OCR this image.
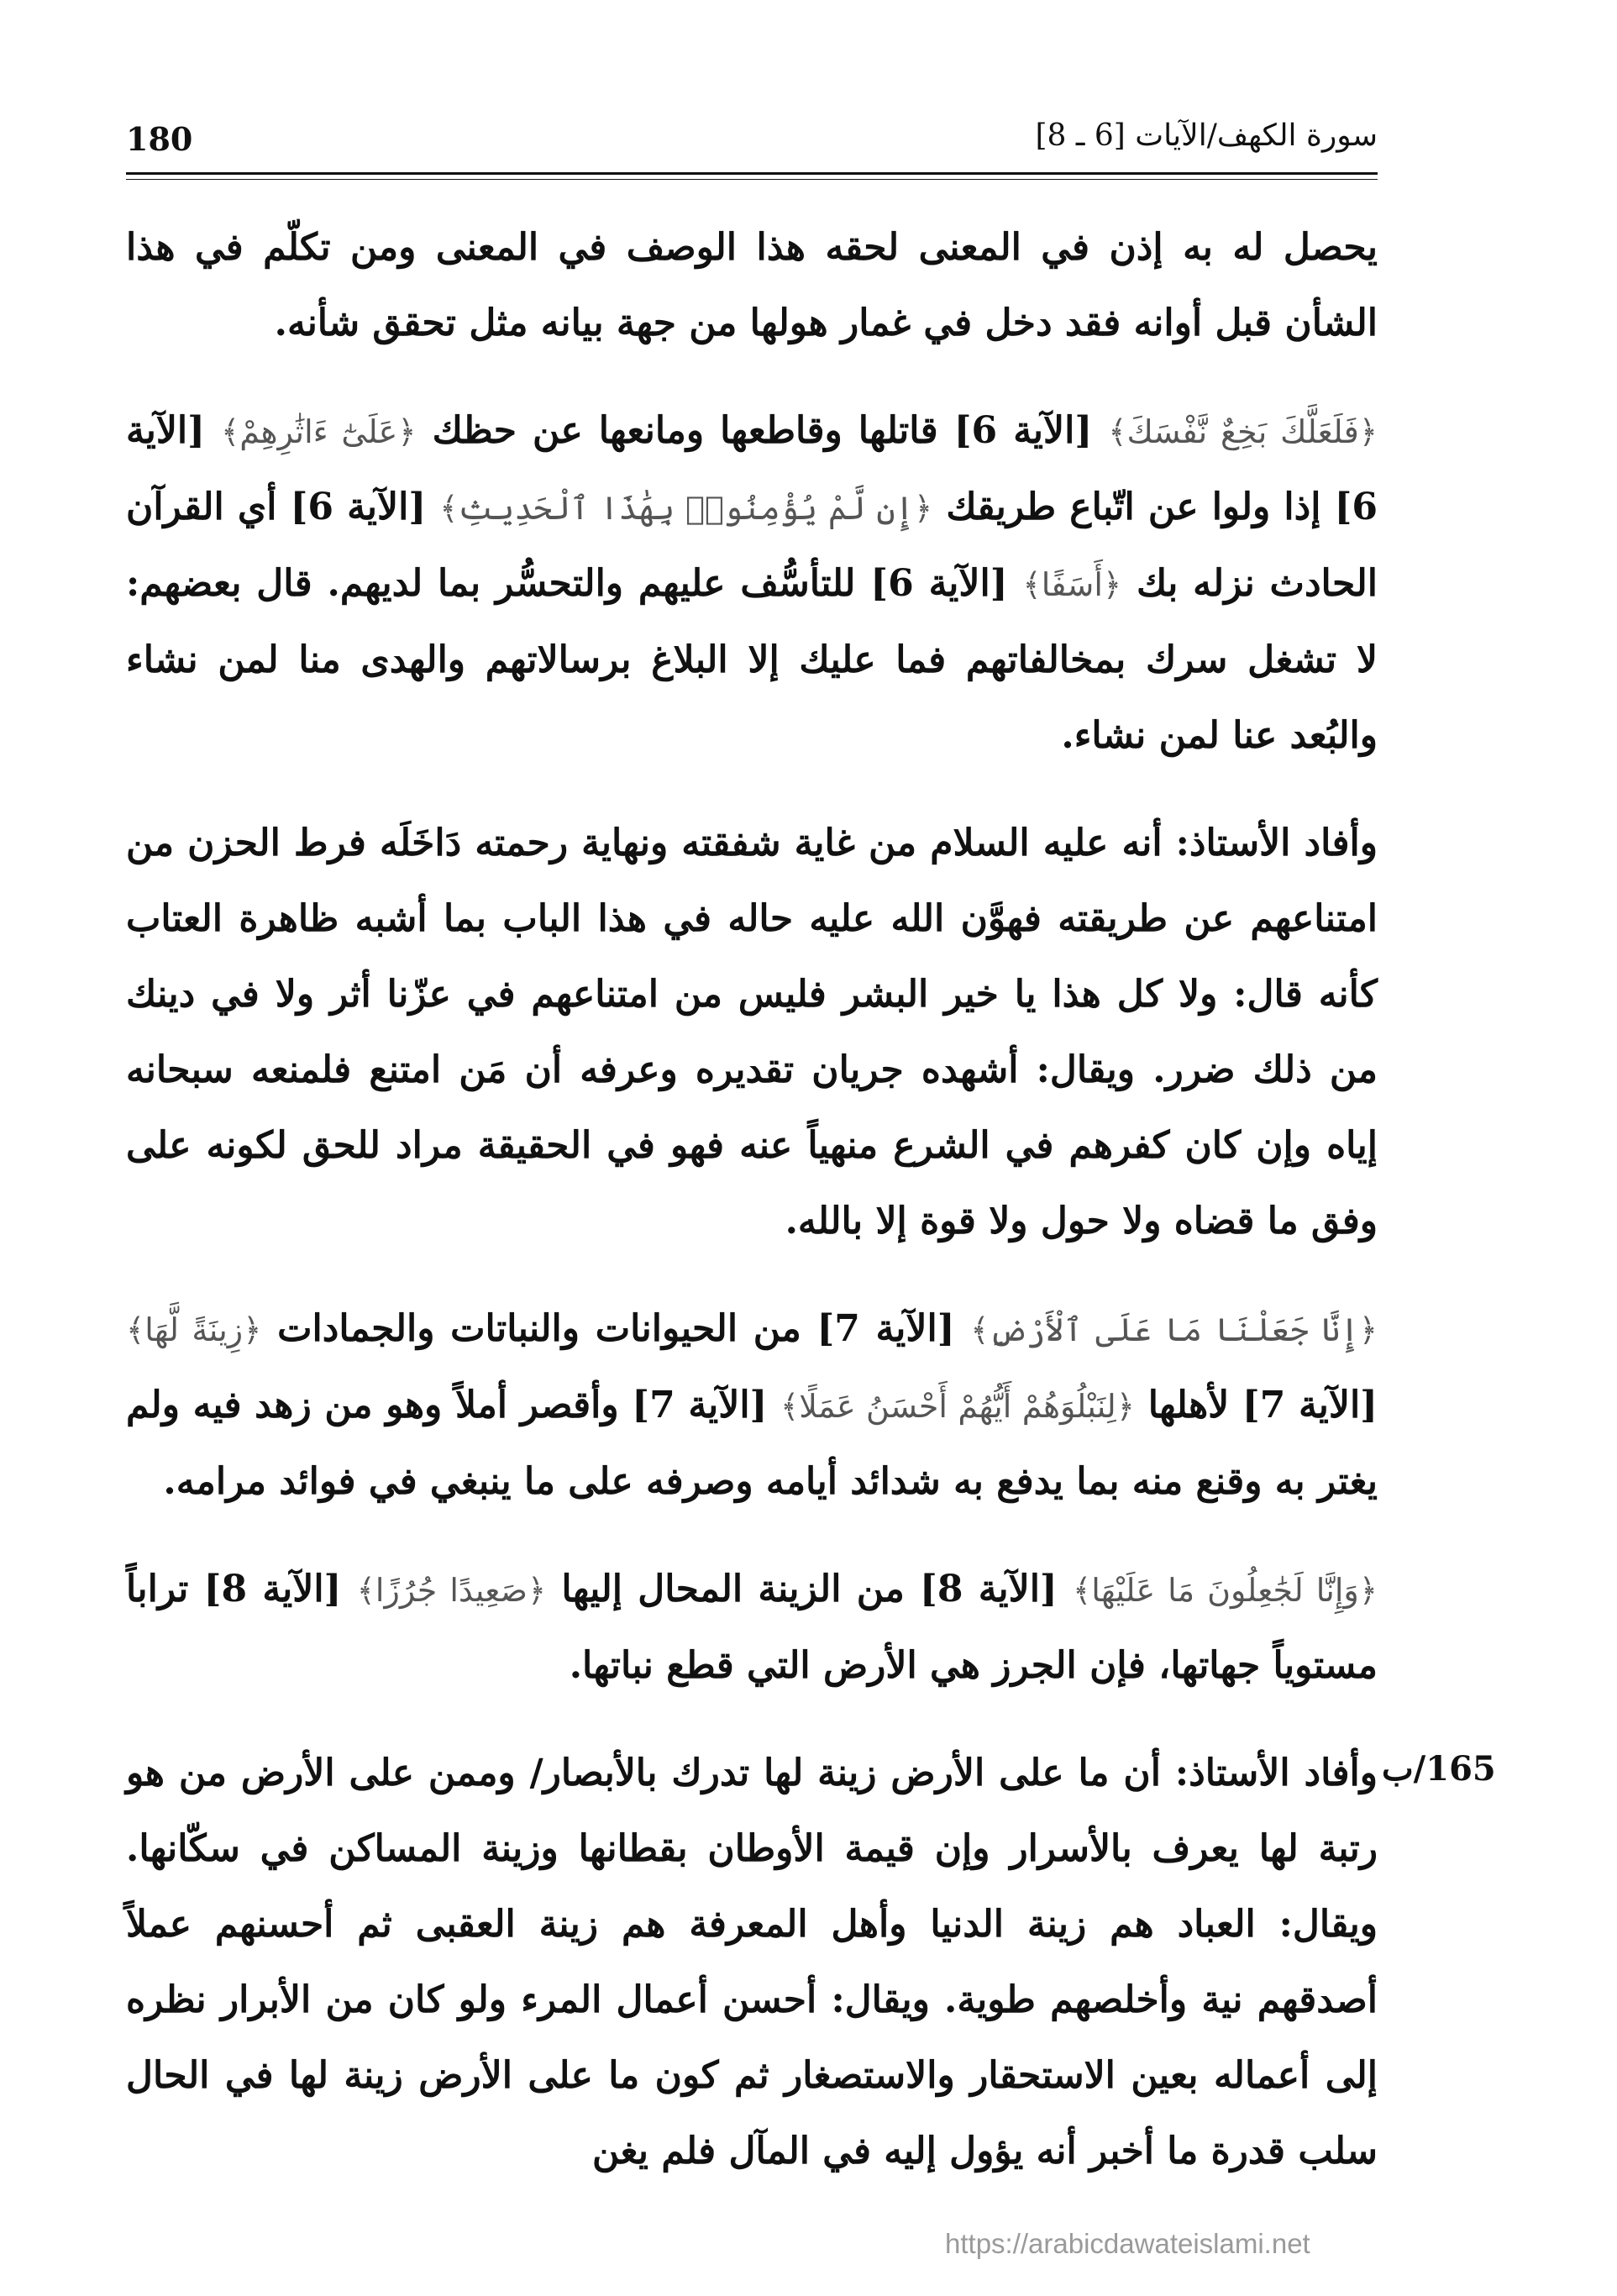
180	سورة الكهف/الآيات [6 ـ 8]

يحصل له به إذن في المعنى لحقه هذا الوصف في المعنى ومن تكلّم في هذا الشأن قبل أوانه فقد دخل في غمار هولها من جهة بيانه مثل تحقق شأنه.

﴿فَلَعَلَّكَ بَخِعٌ نَّفْسَكَ﴾ [الآية 6] قاتلها وقاطعها ومانعها عن حظك ﴿عَلَىٰٓ ءَاثَٰرِهِمْ﴾ [الآية 6] إذا ولوا عن اتّباع طريقك ﴿إِن لَّمْ يُؤْمِنُوا۟ بِهَٰذَا ٱلْحَدِيثِ﴾ [الآية 6] أي القرآن الحادث نزله بك ﴿أَسَفًا﴾ [الآية 6] للتأسُّف عليهم والتحسُّر بما لديهم. قال بعضهم: لا تشغل سرك بمخالفاتهم فما عليك إلا البلاغ برسالاتهم والهدى منا لمن نشاء والبُعد عنا لمن نشاء.

وأفاد الأستاذ: أنه عليه السلام من غاية شفقته ونهاية رحمته دَاخَلَه فرط الحزن من امتناعهم عن طريقته فهوَّن الله عليه حاله في هذا الباب بما أشبه ظاهرة العتاب كأنه قال: ولا كل هذا يا خير البشر فليس من امتناعهم في عزّنا أثر ولا في دينك من ذلك ضرر. ويقال: أشهده جريان تقديره وعرفه أن مَن امتنع فلمنعه سبحانه إياه وإن كان كفرهم في الشرع منهياً عنه فهو في الحقيقة مراد للحق لكونه على وفق ما قضاه ولا حول ولا قوة إلا بالله.

﴿إِنَّا جَعَلْنَا مَا عَلَى ٱلْأَرْضِ﴾ [الآية 7] من الحيوانات والنباتات والجمادات ﴿زِينَةً لَّهَا﴾ [الآية 7] لأهلها ﴿لِنَبْلُوَهُمْ أَيُّهُمْ أَحْسَنُ عَمَلًا﴾ [الآية 7] وأقصر أملاً وهو من زهد فيه ولم يغتر به وقنع منه بما يدفع به شدائد أيامه وصرفه على ما ينبغي في فوائد مرامه.

﴿وَإِنَّا لَجَٰعِلُونَ مَا عَلَيْهَا﴾ [الآية 8] من الزينة المحال إليها ﴿صَعِيدًا جُرُزًا﴾ [الآية 8] تراباً مستوياً جهاتها، فإن الجرز هي الأرض التي قطع نباتها.

وأفاد الأستاذ: أن ما على الأرض زينة لها تدرك بالأبصار/ وممن على الأرض من هو رتبة لها يعرف بالأسرار وإن قيمة الأوطان بقطانها وزينة المساكن في سكّانها. ويقال: العباد هم زينة الدنيا وأهل المعرفة هم زينة العقبى ثم أحسنهم عملاً أصدقهم نية وأخلصهم طوية. ويقال: أحسن أعمال المرء ولو كان من الأبرار نظره إلى أعماله بعين الاستحقار والاستصغار ثم كون ما على الأرض زينة لها في الحال سلب قدرة ما أخبر أنه يؤول إليه في المآل فلم يغن

165/ب
https://arabicdawateislami.net
